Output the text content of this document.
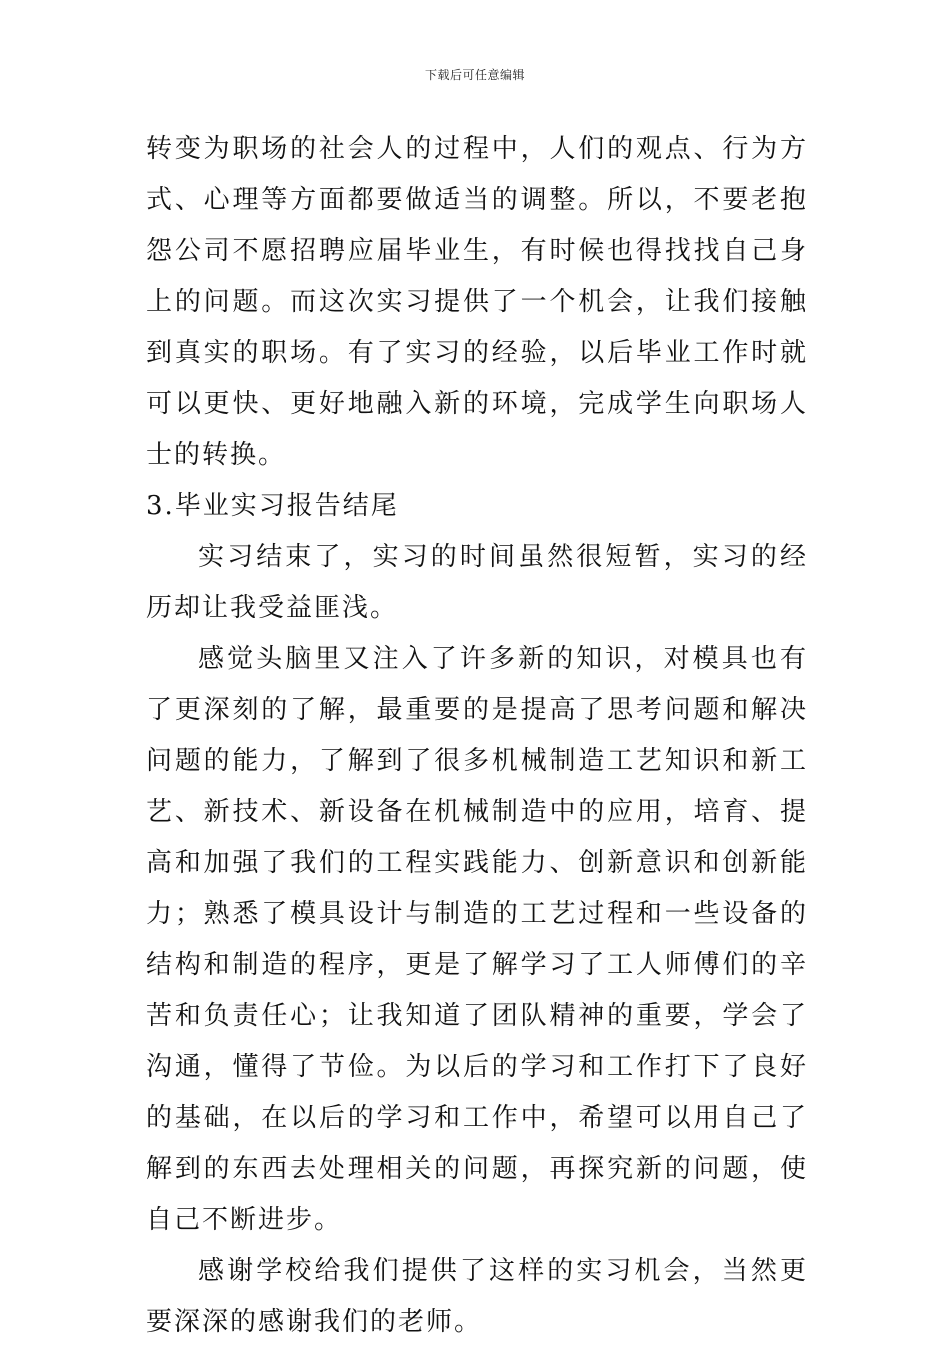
下载后可任意编辑

转变为职场的社会人的过程中，人们的观点、行为方式、心理等方面都要做适当的调整。所以，不要老抱怨公司不愿招聘应届毕业生，有时候也得找找自己身上的问题。而这次实习提供了一个机会，让我们接触到真实的职场。有了实习的经验，以后毕业工作时就可以更快、更好地融入新的环境，完成学生向职场人士的转换。

3.毕业实习报告结尾

实习结束了，实习的时间虽然很短暂，实习的经历却让我受益匪浅。

感觉头脑里又注入了许多新的知识，对模具也有了更深刻的了解，最重要的是提高了思考问题和解决问题的能力，了解到了很多机械制造工艺知识和新工艺、新技术、新设备在机械制造中的应用，培育、提高和加强了我们的工程实践能力、创新意识和创新能力；熟悉了模具设计与制造的工艺过程和一些设备的结构和制造的程序，更是了解学习了工人师傅们的辛苦和负责任心；让我知道了团队精神的重要，学会了沟通，懂得了节俭。为以后的学习和工作打下了良好的基础，在以后的学习和工作中，希望可以用自己了解到的东西去处理相关的问题，再探究新的问题，使自己不断进步。

感谢学校给我们提供了这样的实习机会，当然更要深深的感谢我们的老师。
